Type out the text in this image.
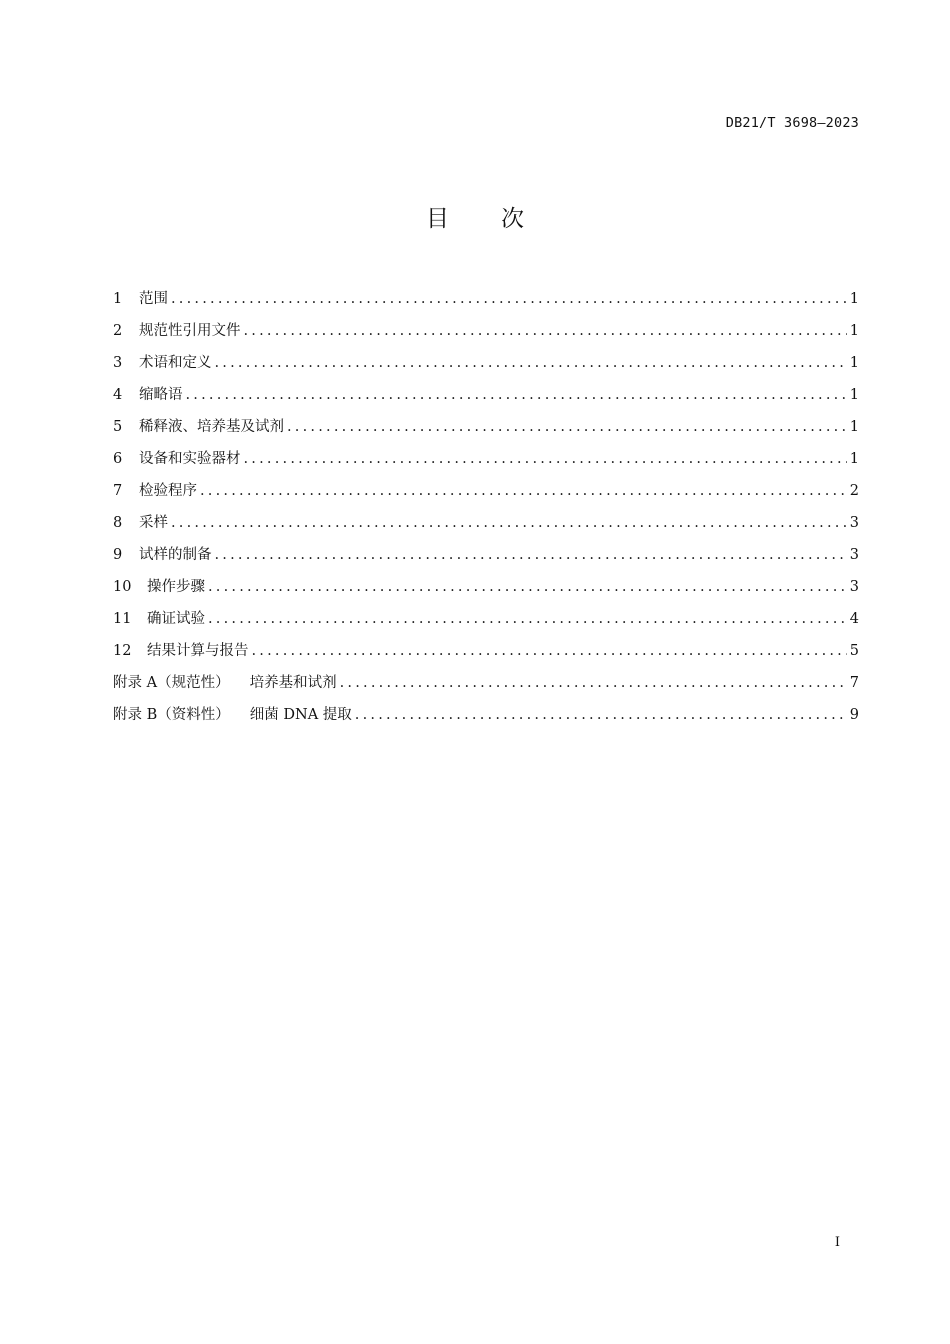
DB21/T 3698—2023
目 次
1	范围 .....	1
2	规范性引用文件 .....	1
3	术语和定义 .....	1
4	缩略语 .....	1
5	稀释液、培养基及试剂 .....	1
6	设备和实验器材 .....	1
7	检验程序 .....	2
8	采样 .....	3
9	试样的制备 .....	3
10	操作步骤 .....	3
11	确证试验 .....	4
12	结果计算与报告 .....	5
附录 A（规范性） 培养基和试剂 .....	7
附录 B（资料性） 细菌 DNA 提取 .....	9
I
